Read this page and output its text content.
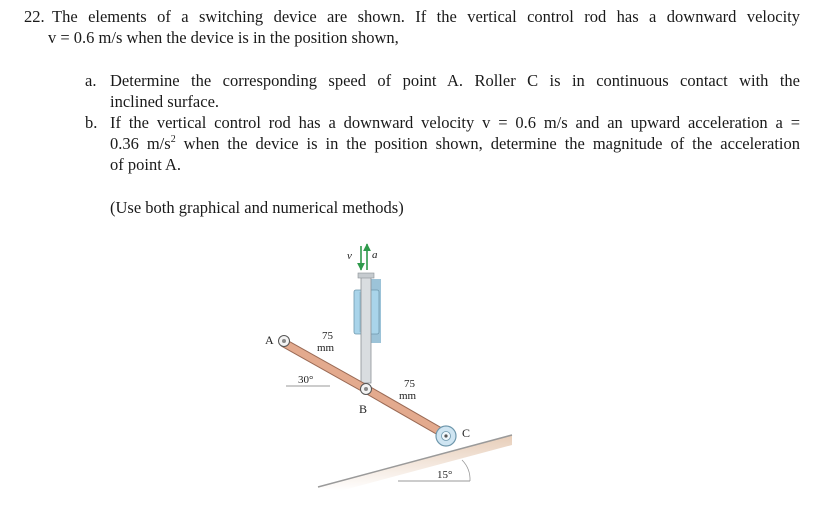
22. The elements of a switching device are shown. If the vertical control rod has a downward velocity
v = 0.6 m/s when the device is in the position shown,
a. Determine the corresponding speed of point A. Roller C is in continuous contact with the
inclined surface.
b. If the vertical control rod has a downward velocity v = 0.6 m/s and an upward acceleration a =
0.36 $m/s^2$ when the device is in the position shown, determine the magnitude of the acceleration
of point A.
(Use both graphical and numerical methods)
15°
30°
v a
A
B
C
75
mm
75
mm
